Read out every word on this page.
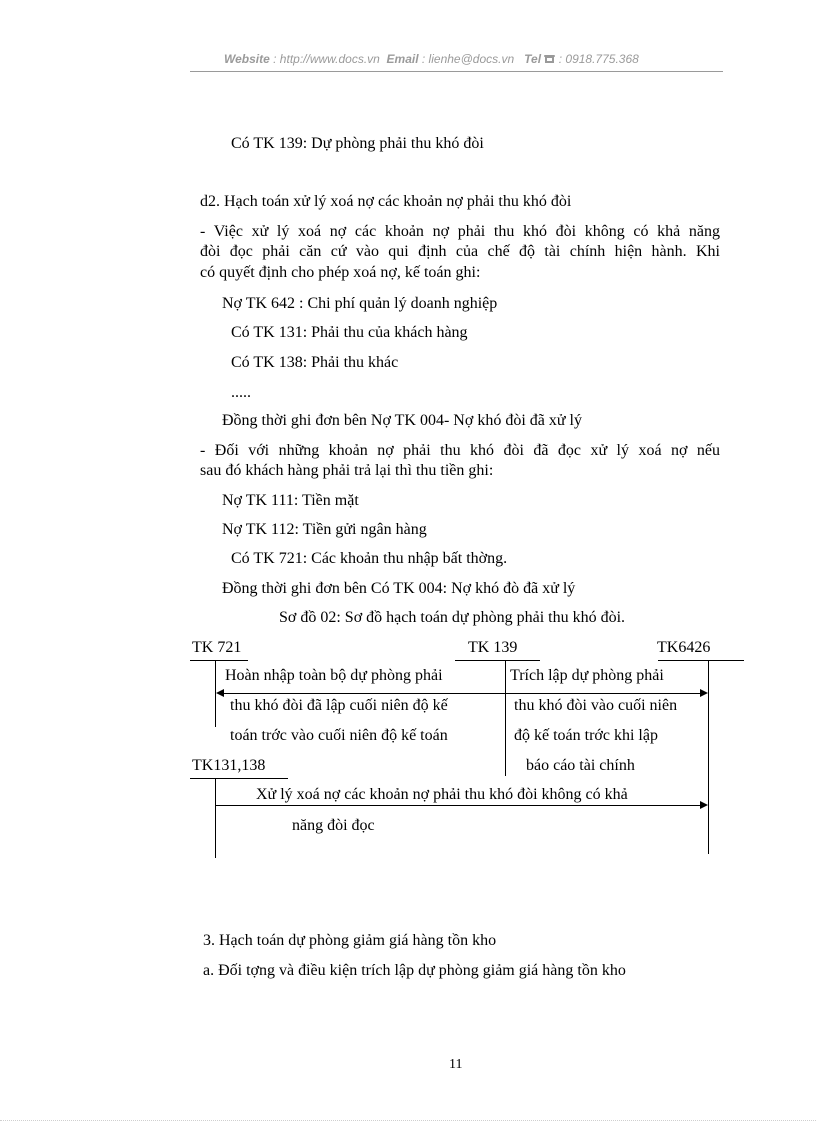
Website : http://www.docs.vn Email : lienhe@docs.vn Tel : 0918.775.368
Có TK 139: Dự phòng phải thu khó đòi
d2. Hạch toán xử lý xoá nợ các khoản nợ phải thu khó đòi
- Việc xử lý xoá nợ các khoản nợ phải thu khó đòi không có khả năng
đòi đọc phải căn cứ vào qui định của chế độ tài chính hiện hành. Khi
có quyết định cho phép xoá nợ, kế toán ghi:
Nợ TK 642 : Chi phí quản lý doanh nghiệp
Có TK 131: Phải thu của khách hàng
Có TK 138: Phải thu khác
.....
Đồng thời ghi đơn bên Nợ TK 004- Nợ khó đòi đã xử lý
- Đối với những khoản nợ phải thu khó đòi đã đọc xử lý xoá nợ nếu
sau đó khách hàng phải trả lại thì thu tiền ghi:
Nợ TK 111: Tiền mặt
Nợ TK 112: Tiền gửi ngân hàng
Có TK 721: Các khoản thu nhập bất thờng.
Đồng thời ghi đơn bên Có TK 004: Nợ khó đò đã xử lý
Sơ đồ 02: Sơ đồ hạch toán dự phòng phải thu khó đòi.
TK 721	TK 139	TK6426
Hoàn nhập toàn bộ dự phòng phải
thu khó đòi đã lập cuối niên độ kế
toán trớc vào cuối niên độ kế toán
Trích lập dự phòng phải
thu khó đòi vào cuối niên
độ kế toán trớc khi lập
báo cáo tài chính
TK131,138
Xử lý xoá nợ các khoản nợ phải thu khó đòi không có khả
năng đòi đọc
3. Hạch toán dự phòng giảm giá hàng tồn kho
a. Đối tợng và điều kiện trích lập dự phòng giảm giá hàng tồn kho
11
